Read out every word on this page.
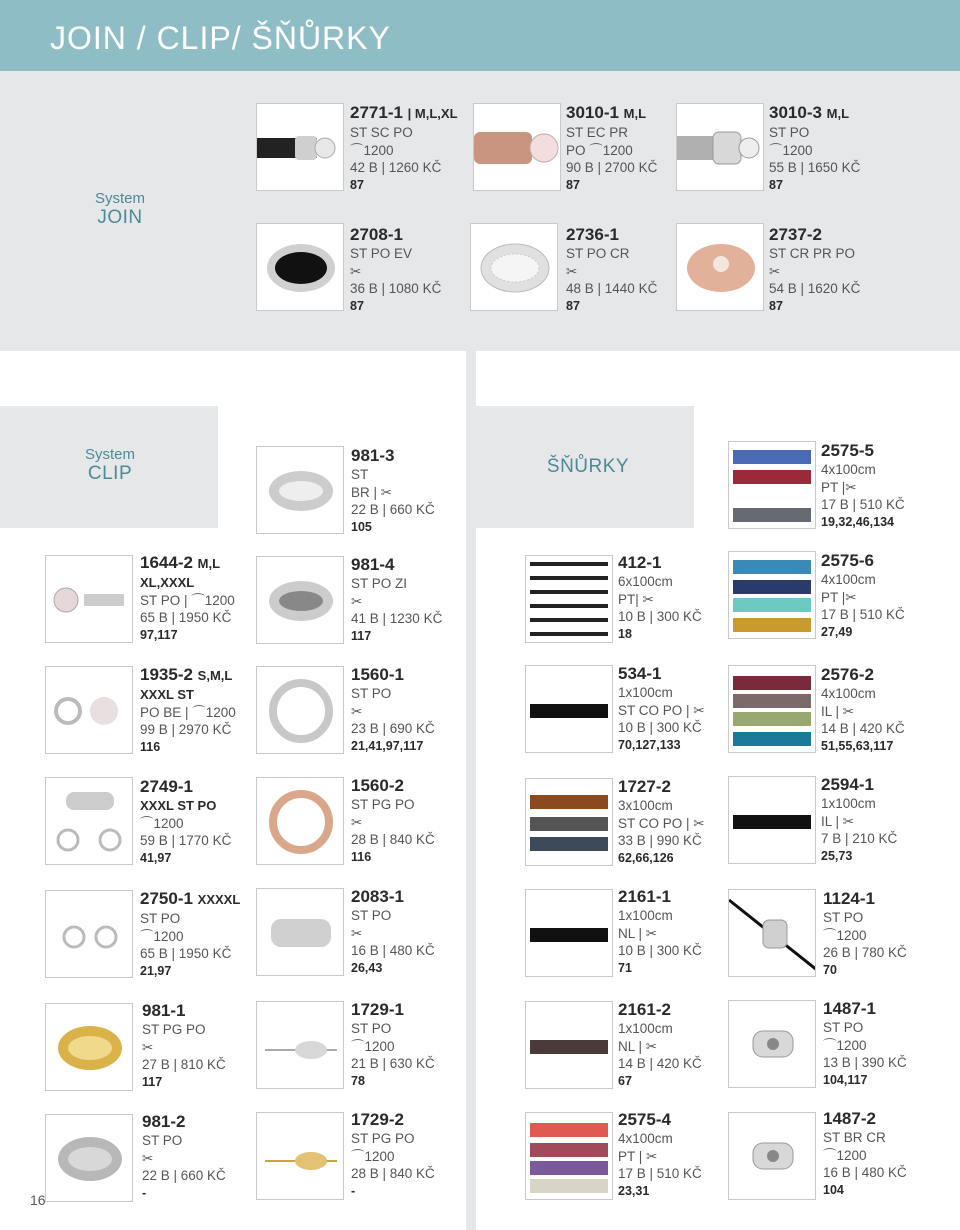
JOIN / CLIP/ ŠŇŮRKY
System
JOIN
System
CLIP	ŠŇŮRKY
2771-1 | M,L,XL
ST SC PO
⌒1200
42 B | 1260 KČ
87
3010-1 M,L
ST EC PR
PO ⌒1200
90 B | 2700 KČ
87
3010-3 M,L
ST PO
⌒1200
55 B | 1650 KČ
87
2708-1
ST PO EV
✂
36 B | 1080 KČ
87
2736-1
ST PO CR
✂
48 B | 1440 KČ
87
2737-2
ST CR PR PO
✂
54 B | 1620 KČ
87
1644-2 M,L
XL,XXXL
ST PO | ⌒1200
65 B | 1950 KČ
97,117
1935-2 S,M,L
XXXL ST
PO BE | ⌒1200
99 B | 2970 KČ
116
2749-1
XXXL ST PO
⌒1200
59 B | 1770 KČ
41,97
2750-1 XXXXL
ST PO
⌒1200
65 B | 1950 KČ
21,97
981-1
ST PG PO
✂
27 B | 810 KČ
117
981-2
ST PO
✂
22 B | 660 KČ
-
981-3
ST
BR | ✂
22 B | 660 KČ
105
981-4
ST PO ZI
✂
41 B | 1230 KČ
117
1560-1
ST PO
✂
23 B | 690 KČ
21,41,97,117
1560-2
ST PG PO
✂
28 B | 840 KČ
116
2083-1
ST PO
✂
16 B | 480 KČ
26,43
1729-1
ST PO
⌒1200
21 B | 630 KČ
78
1729-2
ST PG PO
⌒1200
28 B | 840 KČ
-
412-1
6x100cm
PT| ✂
10 B | 300 KČ
18
534-1
1x100cm
ST CO PO | ✂
10 B | 300 KČ
70,127,133
1727-2
3x100cm
ST CO PO | ✂
33 B | 990 KČ
62,66,126
2161-1
1x100cm
NL | ✂
10 B | 300 KČ
71
2161-2
1x100cm
NL | ✂
14 B | 420 KČ
67
2575-4
4x100cm
PT | ✂
17 B | 510 KČ
23,31
2575-5
4x100cm
PT |✂
17 B | 510 KČ
19,32,46,134
2575-6
4x100cm
PT |✂
17 B | 510 KČ
27,49
2576-2
4x100cm
IL | ✂
14 B | 420 KČ
51,55,63,117
2594-1
1x100cm
IL | ✂
7 B | 210 KČ
25,73
1124-1
ST PO
⌒1200
26 B | 780 KČ
70
1487-1
ST PO
⌒1200
13 B | 390 KČ
104,117
1487-2
ST BR CR
⌒1200
16 B | 480 KČ
104
16
